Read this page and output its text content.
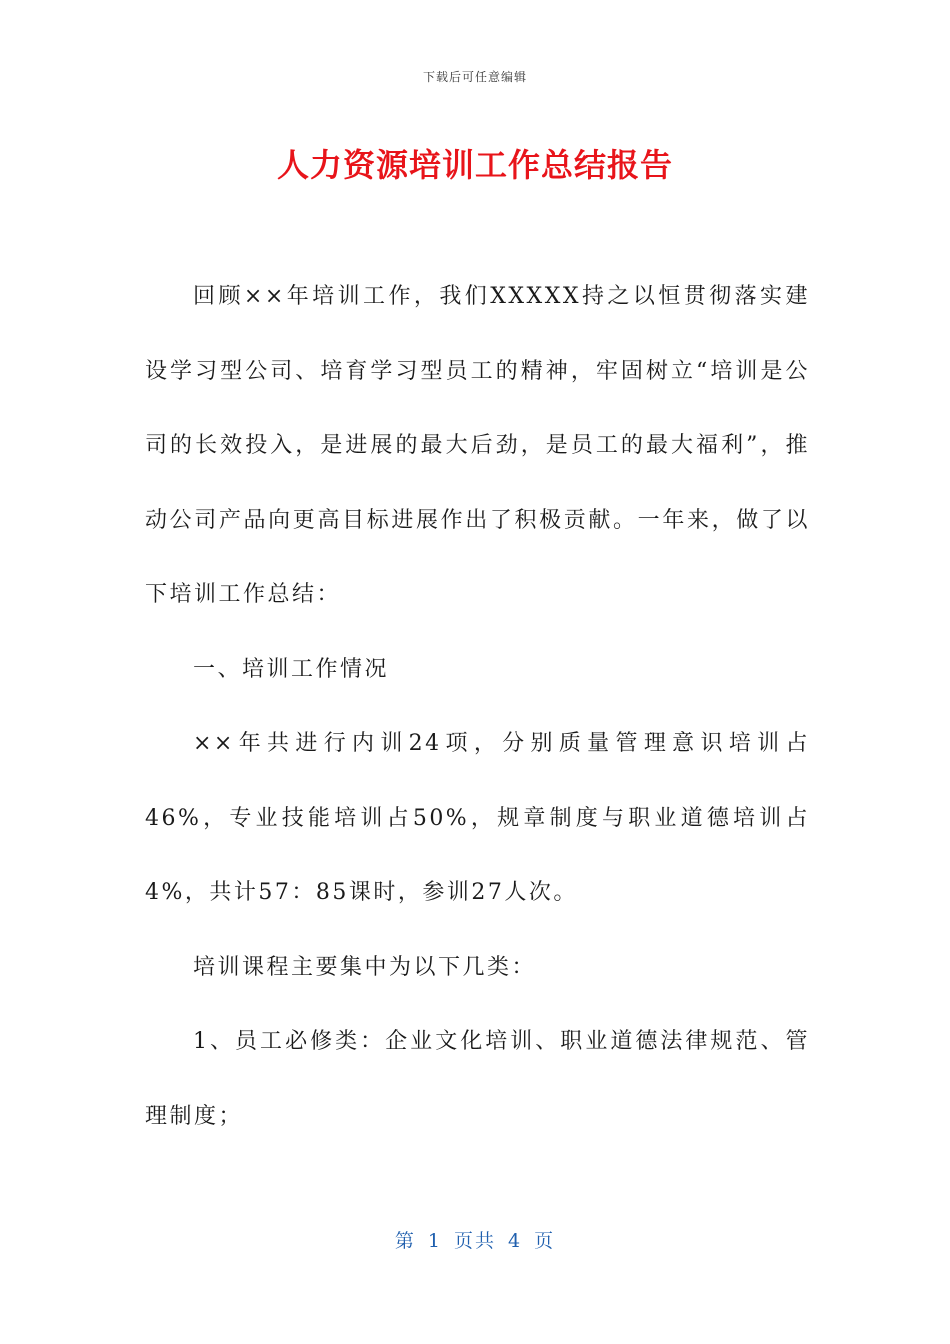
下载后可任意编辑
人力资源培训工作总结报告

回顾××年培训工作，我们XXXXX持之以恒贯彻落实建设学习型公司、培育学习型员工的精神，牢固树立“培训是公司的长效投入，是进展的最大后劲，是员工的最大福利”，推动公司产品向更高目标进展作出了积极贡献。一年来，做了以下培训工作总结：

一、培训工作情况

××年共进行内训24项，分别质量管理意识培训占46%，专业技能培训占50%，规章制度与职业道德培训占4%，共计57：85课时，参训27人次。

培训课程主要集中为以下几类：

1、员工必修类：企业文化培训、职业道德法律规范、管理制度；

第 1 页共 4 页
